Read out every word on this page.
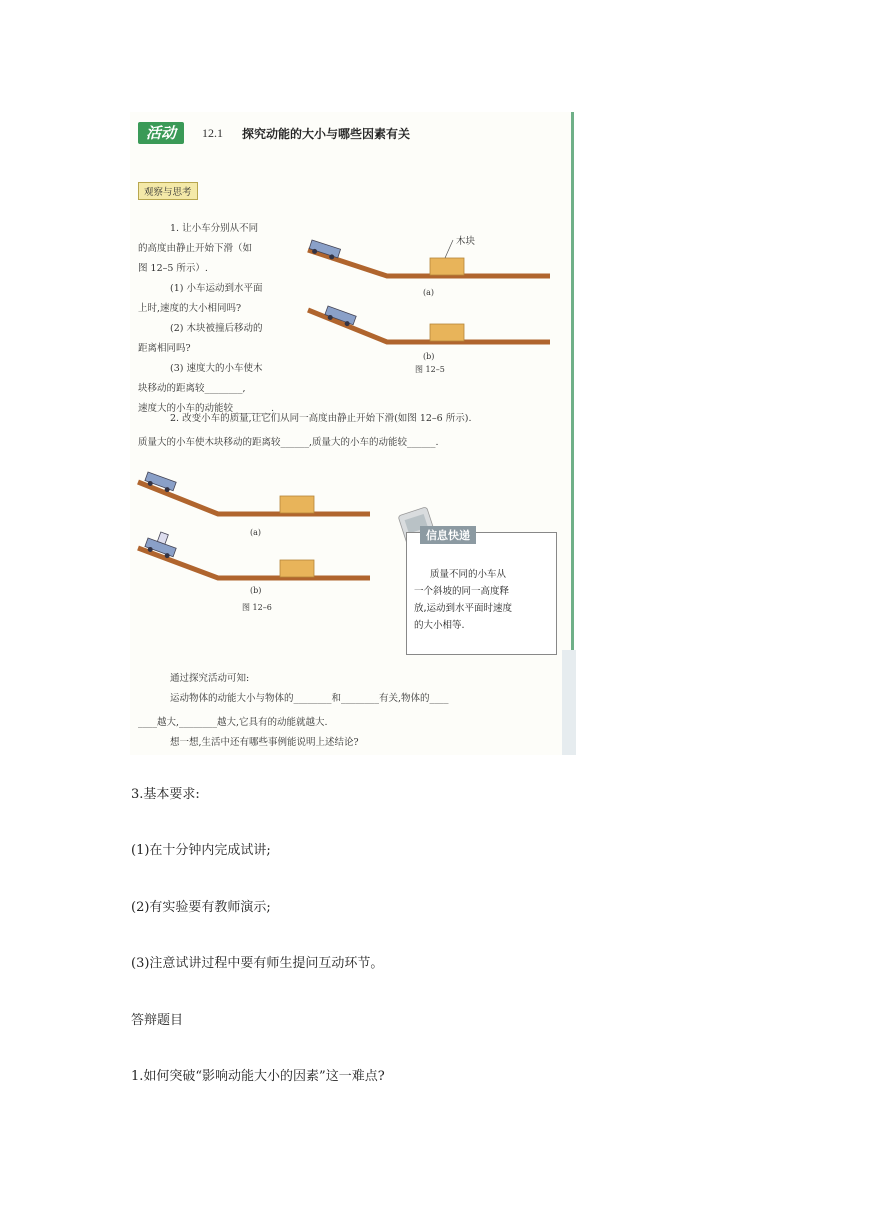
活动	12.1 探究动能的大小与哪些因素有关
观察与思考
1. 让小车分别从不同
的高度由静止开始下滑（如
图 12–5 所示）.
(1) 小车运动到水平面
上时,速度的大小相同吗?
(2) 木块被撞后移动的
距离相同吗?
(3) 速度大的小车使木
块移动的距离较________,
速度大的小车的动能较________.
木块
(a)
(b)
图 12–5
2. 改变小车的质量,让它们从同一高度由静止开始下滑(如图 12–6 所示).
质量大的小车使木块移动的距离较______,质量大的小车的动能较______.
(a)
(b)
图 12–6
信息快递
质量不同的小车从
一个斜坡的同一高度释
放,运动到水平面时速度
的大小相等.
通过探究活动可知:
运动物体的动能大小与物体的________和________有关,物体的____
____越大,________越大,它具有的动能就越大.
想一想,生活中还有哪些事例能说明上述结论?
3.基本要求:
(1)在十分钟内完成试讲;
(2)有实验要有教师演示;
(3)注意试讲过程中要有师生提问互动环节。
答辩题目
1.如何突破“影响动能大小的因素”这一难点?
